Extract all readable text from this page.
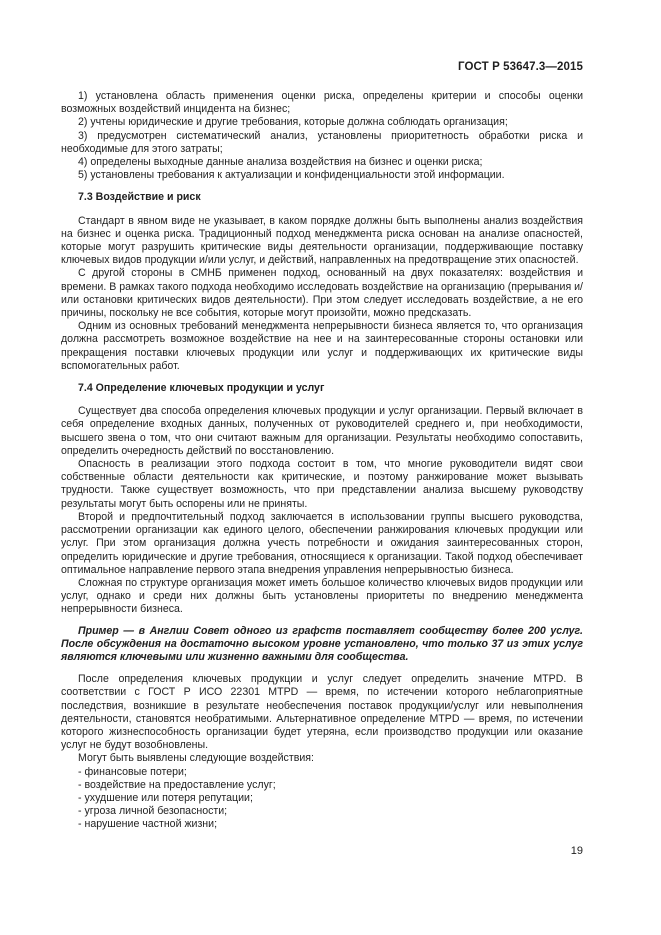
ГОСТ Р 53647.3—2015

1) установлена область применения оценки риска, определены критерии и способы оценки возможных воздействий инцидента на бизнес;

2) учтены юридические и другие требования, которые должна соблюдать организация;

3) предусмотрен систематический анализ, установлены приоритетность обработки риска и необходимые для этого затраты;

4) определены выходные данные анализа воздействия на бизнес и оценки риска;

5) установлены требования к актуализации и конфиденциальности этой информации.

7.3 Воздействие и риск

Стандарт в явном виде не указывает, в каком порядке должны быть выполнены анализ воздействия на бизнес и оценка риска. Традиционный подход менеджмента риска основан на анализе опасностей, которые могут разрушить критические виды деятельности организации, поддерживающие поставку ключевых видов продукции и/или услуг, и действий, направленных на предотвращение этих опасностей.

С другой стороны в СМНБ применен подход, основанный на двух показателях: воздействия и времени. В рамках такого подхода необходимо исследовать воздействие на организацию (прерывания и/или остановки критических видов деятельности). При этом следует исследовать воздействие, а не его причины, поскольку не все события, которые могут произойти, можно предсказать.

Одним из основных требований менеджмента непрерывности бизнеса является то, что организация должна рассмотреть возможное воздействие на нее и на заинтересованные стороны остановки или прекращения поставки ключевых продукции или услуг и поддерживающих их критические виды вспомогательных работ.

7.4 Определение ключевых продукции и услуг

Существует два способа определения ключевых продукции и услуг организации. Первый включает в себя определение входных данных, полученных от руководителей среднего и, при необходимости, высшего звена о том, что они считают важным для организации. Результаты необходимо сопоставить, определить очередность действий по восстановлению.

Опасность в реализации этого подхода состоит в том, что многие руководители видят свои собственные области деятельности как критические, и поэтому ранжирование может вызывать трудности. Также существует возможность, что при представлении анализа высшему руководству результаты могут быть оспорены или не приняты.

Второй и предпочтительный подход заключается в использовании группы высшего руководства, рассмотрении организации как единого целого, обеспечении ранжирования ключевых продукции или услуг. При этом организация должна учесть потребности и ожидания заинтересованных сторон, определить юридические и другие требования, относящиеся к организации. Такой подход обеспечивает оптимальное направление первого этапа внедрения управления непрерывностью бизнеса.

Сложная по структуре организация может иметь большое количество ключевых видов продукции или услуг, однако и среди них должны быть установлены приоритеты по внедрению менеджмента непрерывности бизнеса.

Пример — в Англии Совет одного из графств поставляет сообществу более 200 услуг. После обсуждения на достаточно высоком уровне установлено, что только 37 из этих услуг являются ключевыми или жизненно важными для сообщества.

После определения ключевых продукции и услуг следует определить значение МТРD. В соответствии с ГОСТ Р ИСО 22301 МТРD — время, по истечении которого неблагоприятные последствия, возникшие в результате необеспечения поставок продукции/услуг или невыполнения деятельности, становятся необратимыми. Альтернативное определение МТРD — время, по истечении которого жизнеспособность организации будет утеряна, если производство продукции или оказание услуг не будут возобновлены.

Могут быть выявлены следующие воздействия:

- финансовые потери;

- воздействие на предоставление услуг;

- ухудшение или потеря репутации;

- угроза личной безопасности;

- нарушение частной жизни;

19
